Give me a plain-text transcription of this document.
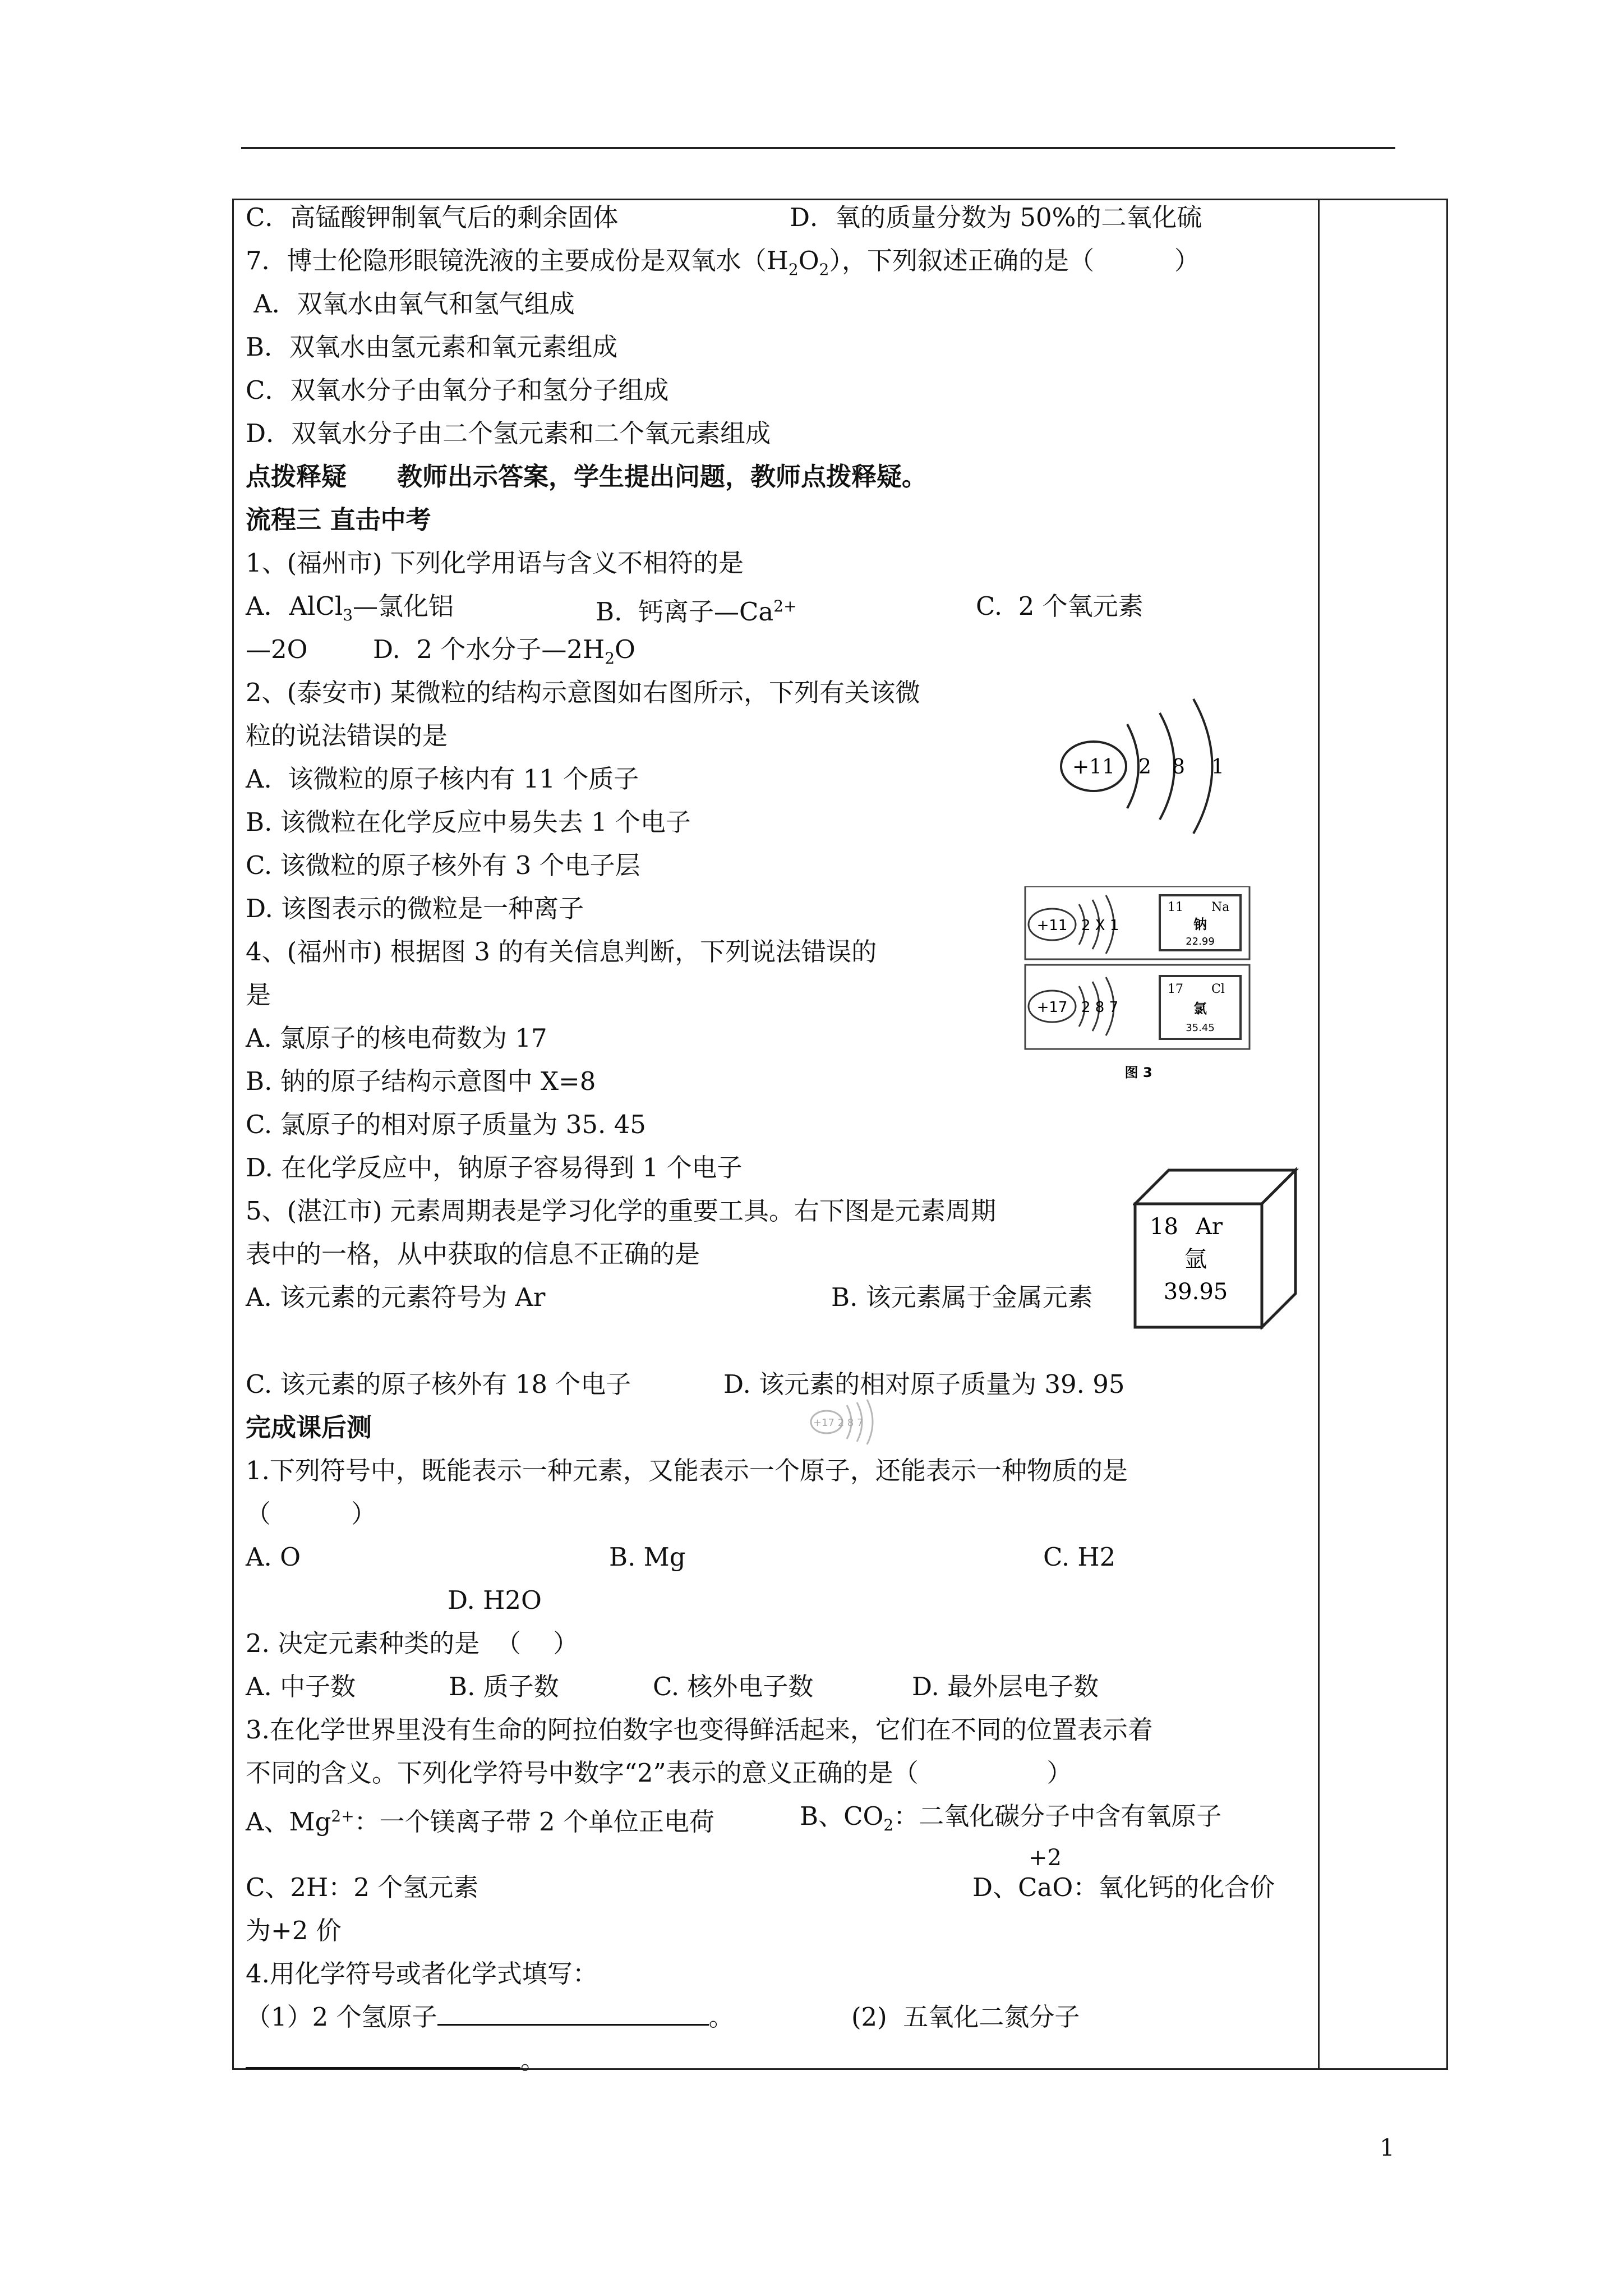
C．高锰酸钾制氧气后的剩余固体	D．氧的质量分数为 50%的二氧化硫
7．博士伦隐形眼镜洗液的主要成份是双氧水$(H_2O_2)$，下列叙述正确的是（          ）
A．双氧水由氧气和氢气组成
B．双氧水由氢元素和氧元素组成
C．双氧水分子由氧分子和氢分子组成
D．双氧水分子由二个氢元素和二个氧元素组成
点拨释疑 教师出示答案，学生提出问题，教师点拨释疑。
流程三 直击中考
1、(福州市) 下列化学用语与含义不相符的是
A．AlCl$_3$—氯化铝	B.  钙离子$—Ca^{2+}$	C.  2 个氧元素
—2O	D.  2 个水分子$—2H_2O$
2、(泰安市) 某微粒的结构示意图如右图所示，下列有关该微
粒的说法错误的是
A.  该微粒的原子核内有 11 个质子
B. 该微粒在化学反应中易失去 1 个电子
C. 该微粒的原子核外有 3 个电子层
D. 该图表示的微粒是一种离子
4、(福州市) 根据图 3 的有关信息判断，下列说法错误的
是
A. 氯原子的核电荷数为 17
B. 钠的原子结构示意图中 X=8
C. 氯原子的相对原子质量为 35. 45
D. 在化学反应中，钠原子容易得到 1 个电子
5、(湛江市) 元素周期表是学习化学的重要工具。右下图是元素周期
表中的一格，从中获取的信息不正确的是
A. 该元素的元素符号为 Ar	B. 该元素属于金属元素
C. 该元素的原子核外有 18 个电子	D. 该元素的相对原子质量为 39. 95
完成课后测
1.下列符号中，既能表示一种元素，又能表示一个原子，还能表示一种物质的是
（          ）
A. O	B. Mg	C. H2
D. H2O
2. 决定元素种类的是  （    ）
A. 中子数	B. 质子数	C. 核外电子数	D. 最外层电子数
3.在化学世界里没有生命的阿拉伯数字也变得鲜活起来，它们在不同的位置表示着
不同的含义。下列化学符号中数字“2”表示的意义正确的是（                ）
A、$Mg^{2+}$：一个镁离子带 2 个单位正电荷	B、$CO_2$：二氧化碳分子中含有氧原子
+2
C、2H：2 个氢元素	D、CaO：氧化钙的化合价
为+2 价
4.用化学符号或者化学式填写：
（1）2 个氢原子	。	(2)  五氧化二氮分子
。
+11 2 8 1
+11 2 X 1
11 Na
钠
22.99
+17 2 8 7
17 Cl
氯
35.45
图 3
18 Ar
氩
39.95
+17 2 8 7
1
